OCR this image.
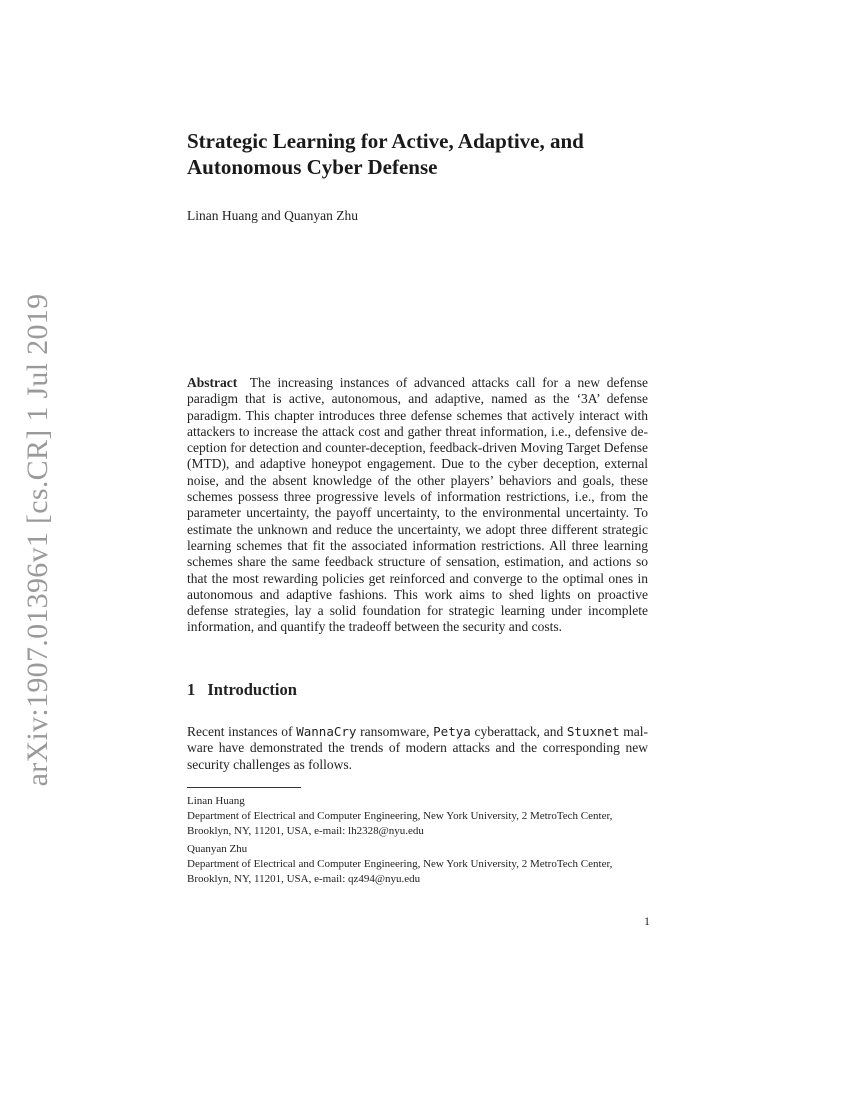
arXiv:1907.01396v1 [cs.CR] 1 Jul 2019
Strategic Learning for Active, Adaptive, and
Autonomous Cyber Defense

Linan Huang and Quanyan Zhu

Abstract The increasing instances of advanced attacks call for a new defense paradigm that is active, autonomous, and adaptive, named as the ‘3A’ defense paradigm. This chapter introduces three defense schemes that actively interact with attackers to increase the attack cost and gather threat information, i.e., defensive deception for detection and counter-deception, feedback-driven Moving Target Defense (MTD), and adaptive honeypot engagement. Due to the cyber deception, external noise, and the absent knowledge of the other players’ behaviors and goals, these schemes possess three progressive levels of information restrictions, i.e., from the parameter uncertainty, the payoff uncertainty, to the environmental uncertainty. To estimate the unknown and reduce the uncertainty, we adopt three different strategic learning schemes that fit the associated information restrictions. All three learning schemes share the same feedback structure of sensation, estimation, and actions so that the most rewarding policies get reinforced and converge to the optimal ones in autonomous and adaptive fashions. This work aims to shed lights on proactive defense strategies, lay a solid foundation for strategic learning under incomplete information, and quantify the tradeoff between the security and costs.

1 Introduction

Recent instances of WannaCry ransomware, Petya cyberattack, and Stuxnet malware have demonstrated the trends of modern attacks and the corresponding new security challenges as follows.

Linan Huang
Department of Electrical and Computer Engineering, New York University, 2 MetroTech Center, Brooklyn, NY, 11201, USA, e-mail: lh2328@nyu.edu
Quanyan Zhu
Department of Electrical and Computer Engineering, New York University, 2 MetroTech Center, Brooklyn, NY, 11201, USA, e-mail: qz494@nyu.edu

1
